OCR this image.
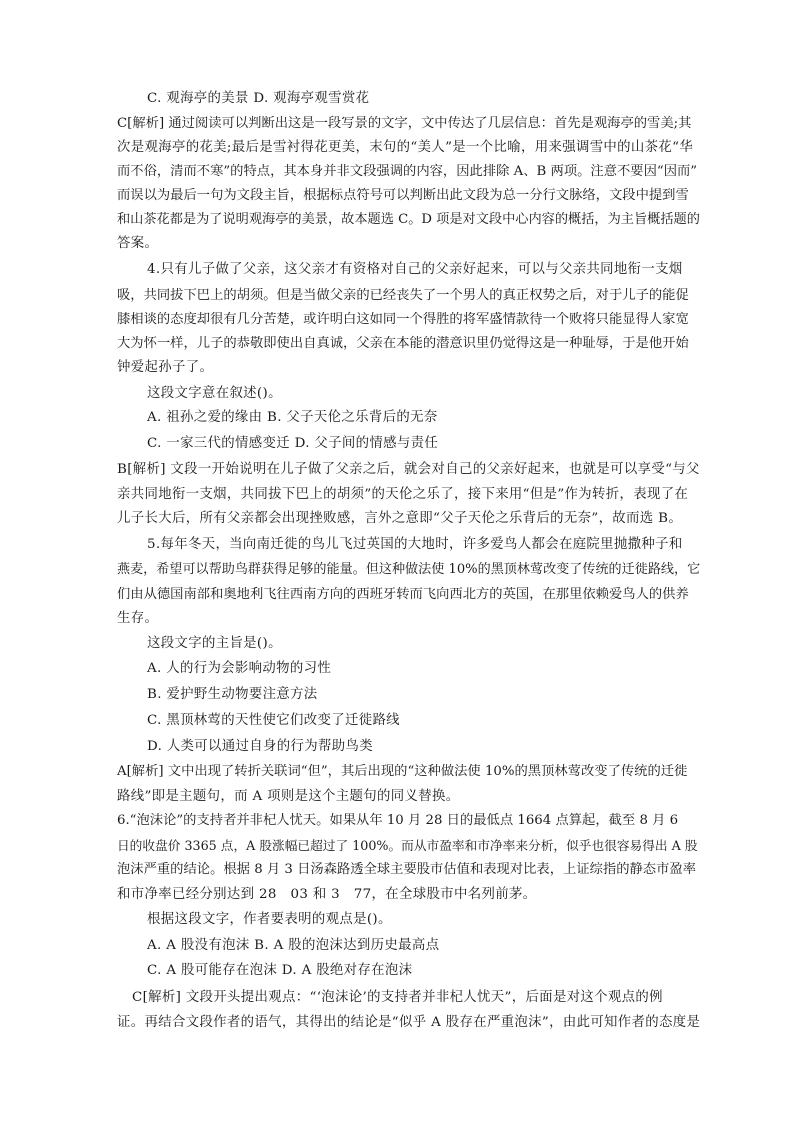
C. 观海亭的美景 D. 观海亭观雪赏花
C[解析] 通过阅读可以判断出这是一段写景的文字，文中传达了几层信息：首先是观海亭的雪美;其
次是观海亭的花美;最后是雪衬得花更美，末句的“美人”是一个比喻，用来强调雪中的山茶花“华
而不俗，清而不寒”的特点，其本身并非文段强调的内容，因此排除 A、B 两项。注意不要因“因而”
而误以为最后一句为文段主旨，根据标点符号可以判断出此文段为总一分行文脉络，文段中提到雪
和山茶花都是为了说明观海亭的美景，故本题选 C。D 项是对文段中心内容的概括，为主旨概括题的
答案。
4.只有儿子做了父亲，这父亲才有资格对自己的父亲好起来，可以与父亲共同地衔一支烟
吸，共同拔下巴上的胡须。但是当做父亲的已经丧失了一个男人的真正权势之后，对于儿子的能促
膝相谈的态度却很有几分苦楚，或许明白这如同一个得胜的将军盛情款待一个败将只能显得人家宽
大为怀一样，儿子的恭敬即使出自真诚，父亲在本能的潜意识里仍觉得这是一种耻辱，于是他开始
钟爱起孙子了。
这段文字意在叙述()。
A. 祖孙之爱的缘由 B. 父子天伦之乐背后的无奈
C. 一家三代的情感变迁 D. 父子间的情感与责任
B[解析] 文段一开始说明在儿子做了父亲之后，就会对自己的父亲好起来，也就是可以享受“与父
亲共同地衔一支烟，共同拔下巴上的胡须”的天伦之乐了，接下来用“但是”作为转折，表现了在
儿子长大后，所有父亲都会出现挫败感，言外之意即“父子天伦之乐背后的无奈”，故而选 B。
5.每年冬天，当向南迁徙的鸟儿飞过英国的大地时，许多爱鸟人都会在庭院里抛撒种子和
燕麦，希望可以帮助鸟群获得足够的能量。但这种做法使 10%的黑顶林莺改变了传统的迁徙路线，它
们由从德国南部和奥地利飞往西南方向的西班牙转而飞向西北方的英国，在那里依赖爱鸟人的供养
生存。
这段文字的主旨是()。
A. 人的行为会影响动物的习性
B. 爱护野生动物要注意方法
C. 黑顶林莺的天性使它们改变了迁徙路线
D. 人类可以通过自身的行为帮助鸟类
A[解析] 文中出现了转折关联词“但”，其后出现的“这种做法使 10%的黑顶林莺改变了传统的迁徙
路线”即是主题句，而 A 项则是这个主题句的同义替换。
6.“泡沫论”的支持者并非杞人忧天。如果从年 10 月 28 日的最低点 1664 点算起，截至 8 月 6
日的收盘价 3365 点，A 股涨幅已超过了 100%。而从市盈率和市净率来分析，似乎也很容易得出 A 股
泡沫严重的结论。根据 8 月 3 日汤森路透全球主要股市估值和表现对比表，上证综指的静态市盈率
和市净率已经分别达到 28　03 和 3　77，在全球股市中名列前茅。
根据这段文字，作者要表明的观点是()。
A. A 股没有泡沫 B. A 股的泡沫达到历史最高点
C. A 股可能存在泡沫 D. A 股绝对存在泡沫
C[解析] 文段开头提出观点：“‘泡沫论’的支持者并非杞人忧天”，后面是对这个观点的例
证。再结合文段作者的语气，其得出的结论是“似乎 A 股存在严重泡沫”，由此可知作者的态度是
